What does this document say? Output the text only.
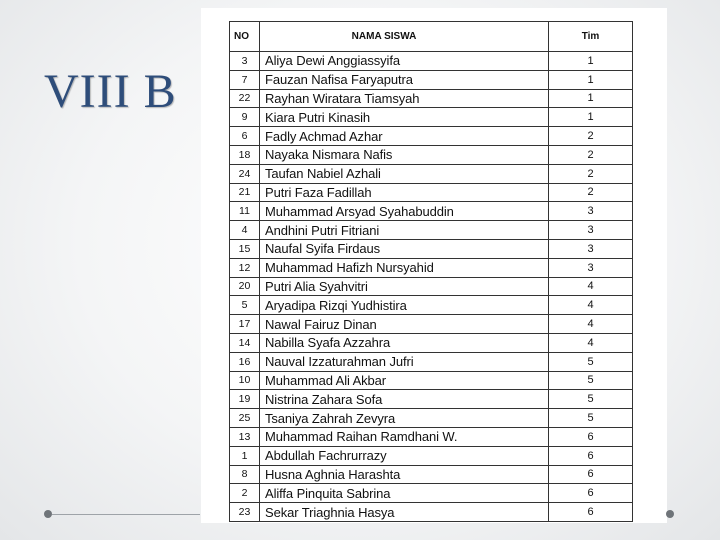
VIII B
NO	NAMA SISWA	Tim
3	Aliya Dewi Anggiassyifa	1
7	Fauzan Nafisa Faryaputra	1
22	Rayhan Wiratara Tiamsyah	1
9	Kiara Putri Kinasih	1
6	Fadly Achmad Azhar	2
18	Nayaka Nismara Nafis	2
24	Taufan Nabiel Azhali	2
21	Putri Faza Fadillah	2
11	Muhammad Arsyad Syahabuddin	3
4	Andhini Putri Fitriani	3
15	Naufal Syifa Firdaus	3
12	Muhammad Hafizh Nursyahid	3
20	Putri Alia Syahvitri	4
5	Aryadipa Rizqi Yudhistira	4
17	Nawal Fairuz Dinan	4
14	Nabilla Syafa Azzahra	4
16	Nauval Izzaturahman Jufri	5
10	Muhammad Ali Akbar	5
19	Nistrina Zahara Sofa	5
25	Tsaniya Zahrah Zevyra	5
13	Muhammad Raihan Ramdhani W.	6
1	Abdullah Fachrurrazy	6
8	Husna Aghnia Harashta	6
2	Aliffa Pinquita Sabrina	6
23	Sekar Triaghnia Hasya	6
